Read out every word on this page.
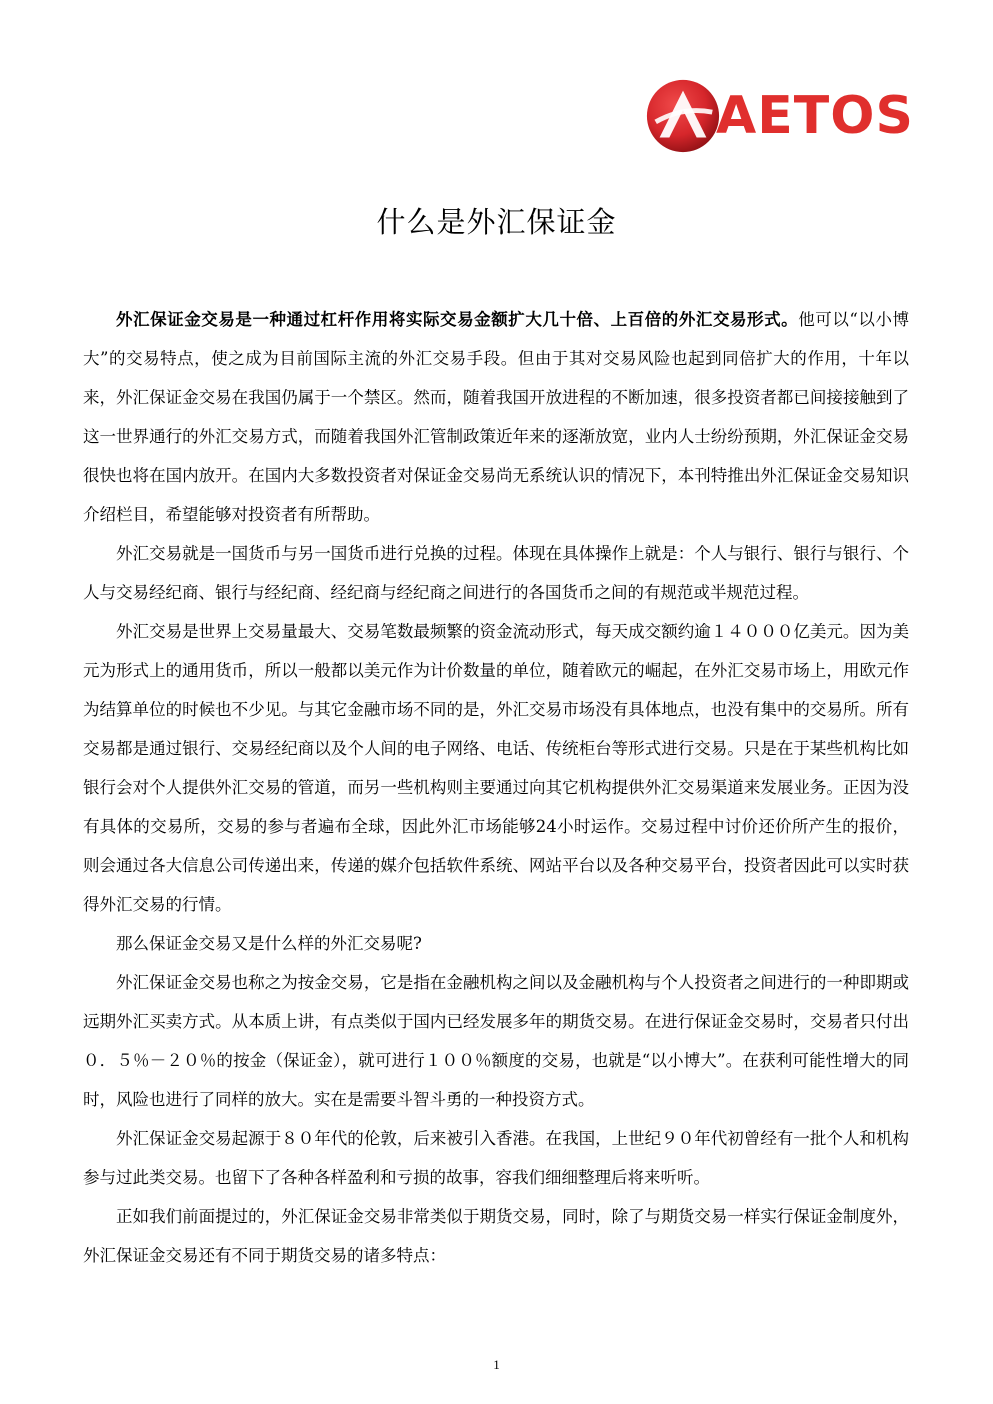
AETOS
什么是外汇保证金

外汇保证金交易是一种通过杠杆作用将实际交易金额扩大几十倍、上百倍的外汇交易形式。他可以“以小博大”的交易特点，使之成为目前国际主流的外汇交易手段。但由于其对交易风险也起到同倍扩大的作用，十年以来，外汇保证金交易在我国仍属于一个禁区。然而，随着我国开放进程的不断加速，很多投资者都已间接接触到了这一世界通行的外汇交易方式，而随着我国外汇管制政策近年来的逐渐放宽，业内人士纷纷预期，外汇保证金交易很快也将在国内放开。在国内大多数投资者对保证金交易尚无系统认识的情况下，本刊特推出外汇保证金交易知识介绍栏目，希望能够对投资者有所帮助。

外汇交易就是一国货币与另一国货币进行兑换的过程。体现在具体操作上就是：个人与银行、银行与银行、个人与交易经纪商、银行与经纪商、经纪商与经纪商之间进行的各国货币之间的有规范或半规范过程。

外汇交易是世界上交易量最大、交易笔数最频繁的资金流动形式，每天成交额约逾１４０００亿美元。因为美元为形式上的通用货币，所以一般都以美元作为计价数量的单位，随着欧元的崛起，在外汇交易市场上，用欧元作为结算单位的时候也不少见。与其它金融市场不同的是，外汇交易市场没有具体地点，也没有集中的交易所。所有交易都是通过银行、交易经纪商以及个人间的电子网络、电话、传统柜台等形式进行交易。只是在于某些机构比如银行会对个人提供外汇交易的管道，而另一些机构则主要通过向其它机构提供外汇交易渠道来发展业务。正因为没有具体的交易所，交易的参与者遍布全球，因此外汇市场能够24小时运作。交易过程中讨价还价所产生的报价，则会通过各大信息公司传递出来，传递的媒介包括软件系统、网站平台以及各种交易平台，投资者因此可以实时获得外汇交易的行情。

那么保证金交易又是什么样的外汇交易呢?

外汇保证金交易也称之为按金交易，它是指在金融机构之间以及金融机构与个人投资者之间进行的一种即期或远期外汇买卖方式。从本质上讲，有点类似于国内已经发展多年的期货交易。在进行保证金交易时，交易者只付出０．５％－２０％的按金（保证金），就可进行１００％额度的交易，也就是“以小博大”。在获利可能性增大的同时，风险也进行了同样的放大。实在是需要斗智斗勇的一种投资方式。

外汇保证金交易起源于８０年代的伦敦，后来被引入香港。在我国，上世纪９０年代初曾经有一批个人和机构参与过此类交易。也留下了各种各样盈利和亏损的故事，容我们细细整理后将来听听。

正如我们前面提过的，外汇保证金交易非常类似于期货交易，同时，除了与期货交易一样实行保证金制度外，外汇保证金交易还有不同于期货交易的诸多特点：

1
